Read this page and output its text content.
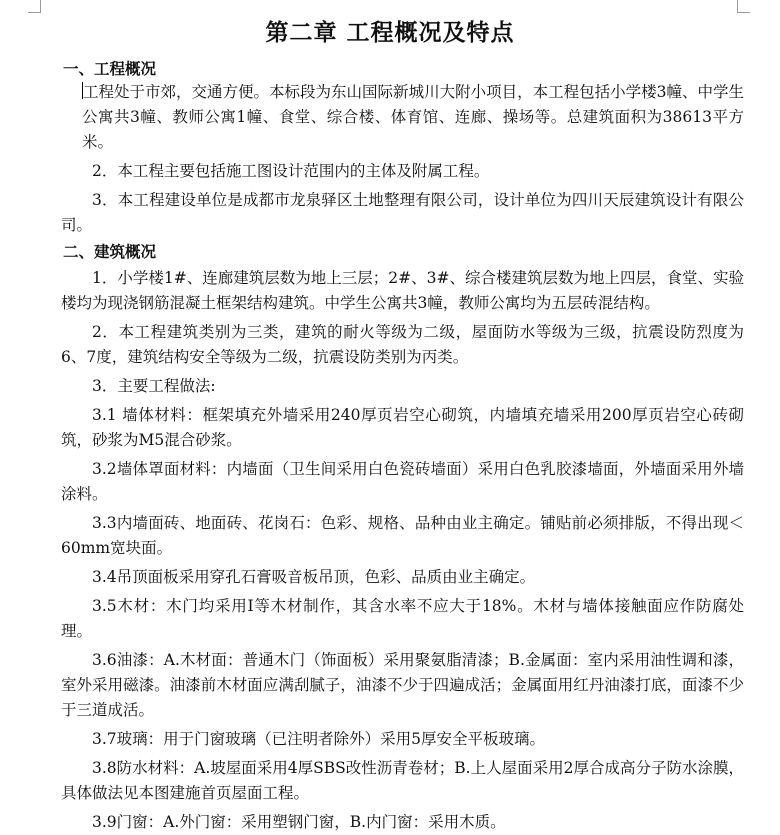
第二章 工程概况及特点
一、工程概况
工程处于市郊，交通方便。本标段为东山国际新城川大附小项目，本工程包括小学楼3幢、中学生公寓共3幢、教师公寓1幢、食堂、综合楼、体育馆、连廊、操场等。总建筑面积为38613平方米。
2．本工程主要包括施工图设计范围内的主体及附属工程。
3．本工程建设单位是成都市龙泉驿区土地整理有限公司，设计单位为四川天辰建筑设计有限公司。
二、建筑概况
1．小学楼1#、连廊建筑层数为地上三层；2#、3#、综合楼建筑层数为地上四层，食堂、实验楼均为现浇钢筋混凝土框架结构建筑。中学生公寓共3幢，教师公寓均为五层砖混结构。
2．本工程建筑类别为三类，建筑的耐火等级为二级，屋面防水等级为三级，抗震设防烈度为6、7度，建筑结构安全等级为二级，抗震设防类别为丙类。
3．主要工程做法:
3.1 墙体材料：框架填充外墙采用240厚页岩空心砌筑，内墙填充墙采用200厚页岩空心砖砌筑，砂浆为M5混合砂浆。
3.2墙体罩面材料：内墙面（卫生间采用白色瓷砖墙面）采用白色乳胶漆墙面，外墙面采用外墙涂料。
3.3内墙面砖、地面砖、花岗石：色彩、规格、品种由业主确定。铺贴前必须排版，不得出现＜60mm宽块面。
3.4吊顶面板采用穿孔石膏吸音板吊顶，色彩、品质由业主确定。
3.5木材：木门均采用Ⅰ等木材制作，其含水率不应大于18%。木材与墙体接触面应作防腐处理。
3.6油漆：A.木材面：普通木门（饰面板）采用聚氨脂清漆；B.金属面：室内采用油性调和漆，室外采用磁漆。油漆前木材面应满刮腻子，油漆不少于四遍成活；金属面用红丹油漆打底，面漆不少于三道成活。
3.7玻璃：用于门窗玻璃（已注明者除外）采用5厚安全平板玻璃。
3.8防水材料：A.坡屋面采用4厚SBS改性沥青卷材；B.上人屋面采用2厚合成高分子防水涂膜，具体做法见本图建施首页屋面工程。
3.9门窗：A.外门窗：采用塑钢门窗，B.内门窗：采用木质。
